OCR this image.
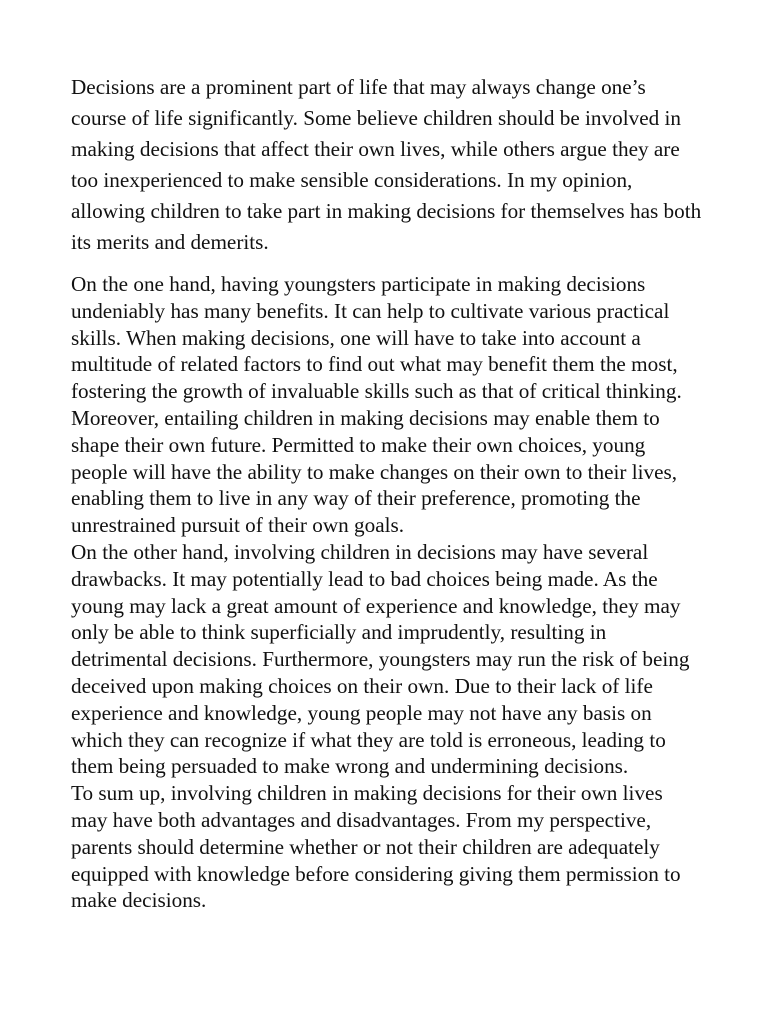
Decisions are a prominent part of life that may always change one’s course of life significantly. Some believe children should be involved in making decisions that affect their own lives, while others argue they are too inexperienced to make sensible considerations. In my opinion, allowing children to take part in making decisions for themselves has both its merits and demerits.

On the one hand, having youngsters participate in making decisions undeniably has many benefits. It can help to cultivate various practical skills. When making decisions, one will have to take into account a multitude of related factors to find out what may benefit them the most, fostering the growth of invaluable skills such as that of critical thinking. Moreover, entailing children in making decisions may enable them to shape their own future. Permitted to make their own choices, young people will have the ability to make changes on their own to their lives, enabling them to live in any way of their preference, promoting the unrestrained pursuit of their own goals.

On the other hand, involving children in decisions may have several drawbacks. It may potentially lead to bad choices being made. As the young may lack a great amount of experience and knowledge, they may only be able to think superficially and imprudently, resulting in detrimental decisions. Furthermore, youngsters may run the risk of being deceived upon making choices on their own. Due to their lack of life experience and knowledge, young people may not have any basis on which they can recognize if what they are told is erroneous, leading to them being persuaded to make wrong and undermining decisions.

To sum up, involving children in making decisions for their own lives may have both advantages and disadvantages. From my perspective, parents should determine whether or not their children are adequately equipped with knowledge before considering giving them permission to make decisions.
